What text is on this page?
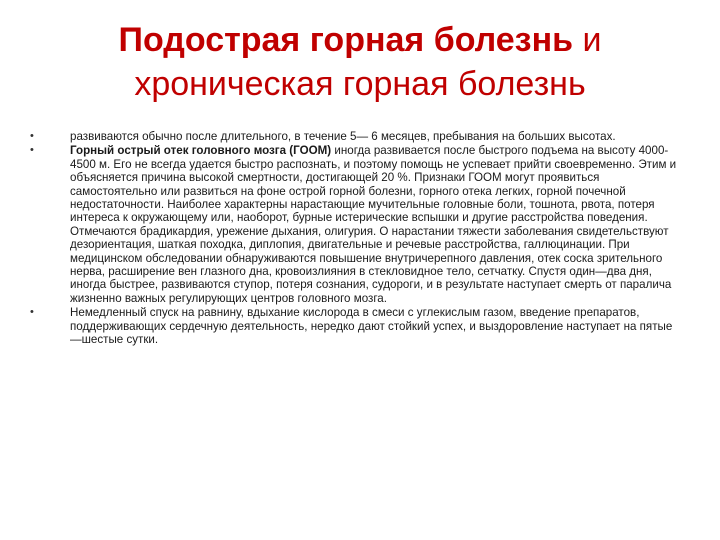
Подострая горная болезнь и
хроническая горная болезнь
•	развиваются обычно после длительного, в течение 5— 6 месяцев, пребывания на больших высотах.
•	Горный острый отек головного мозга (ГООМ) иногда развивается после быстрого подъема на высоту 4000-4500 м. Его не всегда удается быстро распознать, и поэтому помощь не успевает прийти своевременно. Этим и объясняется причина высокой смертности, достигающей 20 %. Признаки ГООМ могут проявиться самостоятельно или развиться на фоне острой горной болезни, горного отека легких, горной почечной недостаточности. Наиболее характерны нарастающие мучительные головные боли, тошнота, рвота, потеря интереса к окружающему или, наоборот, бурные истерические вспышки и другие расстройства поведения. Отмечаются брадикардия, урежение дыхания, олигурия. О нарастании тяжести заболевания свидетельствуют дезориентация, шаткая походка, диплопия, двигательные и речевые расстройства, галлюцинации. При медицинском обследовании обнаруживаются повышение внутричерепного давления, отек соска зрительного нерва, расширение вен глазного дна, кровоизлияния в стекловидное тело, сетчатку. Спустя один—два дня, иногда быстрее, развиваются ступор, потеря сознания, судороги, и в результате наступает смерть от паралича жизненно важных регулирующих центров головного мозга.
•	Немедленный спуск на равнину, вдыхание кислорода в смеси с углекислым газом, введение препаратов, поддерживающих сердечную деятельность, нередко дают стойкий успех, и выздоровление наступает на пятые—шестые сутки.
